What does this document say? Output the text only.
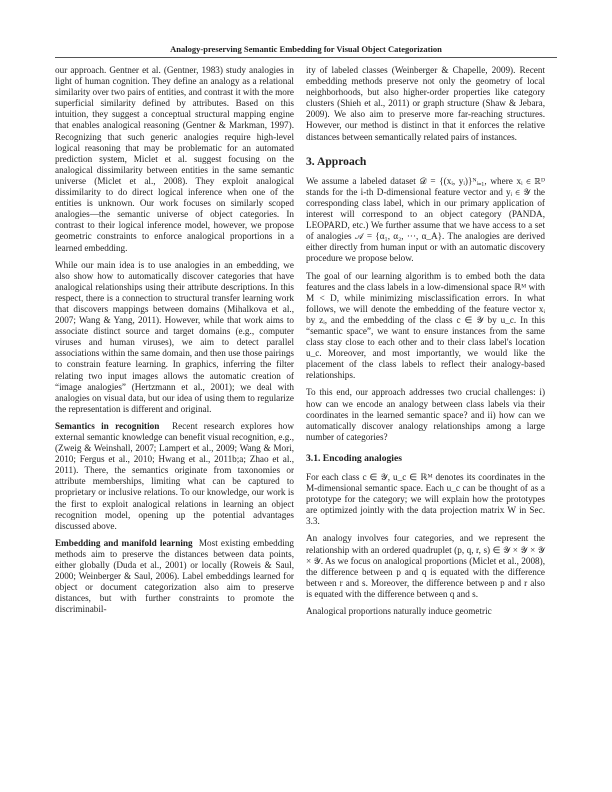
Analogy-preserving Semantic Embedding for Visual Object Categorization

our approach. Gentner et al. (Gentner, 1983) study analogies in light of human cognition. They define an analogy as a relational similarity over two pairs of entities, and contrast it with the more superficial similarity defined by attributes. Based on this intuition, they suggest a conceptual structural mapping engine that enables analogical reasoning (Gentner & Markman, 1997). Recognizing that such generic analogies require high-level logical reasoning that may be problematic for an automated prediction system, Miclet et al. suggest focusing on the analogical dissimilarity between entities in the same semantic universe (Miclet et al., 2008). They exploit analogical dissimilarity to do direct logical inference when one of the entities is unknown. Our work focuses on similarly scoped analogies—the semantic universe of object categories. In contrast to their logical inference model, however, we propose geometric constraints to enforce analogical proportions in a learned embedding.

While our main idea is to use analogies in an embedding, we also show how to automatically discover categories that have analogical relationships using their attribute descriptions. In this respect, there is a connection to structural transfer learning work that discovers mappings between domains (Mihalkova et al., 2007; Wang & Yang, 2011). However, while that work aims to associate distinct source and target domains (e.g., computer viruses and human viruses), we aim to detect parallel associations within the same domain, and then use those pairings to constrain feature learning. In graphics, inferring the filter relating two input images allows the automatic creation of “image analogies” (Hertzmann et al., 2001); we deal with analogies on visual data, but our idea of using them to regularize the representation is different and original.

Semantics in recognition Recent research explores how external semantic knowledge can benefit visual recognition, e.g., (Zweig & Weinshall, 2007; Lampert et al., 2009; Wang & Mori, 2010; Fergus et al., 2010; Hwang et al., 2011b;a; Zhao et al., 2011). There, the semantics originate from taxonomies or attribute memberships, limiting what can be captured to proprietary or inclusive relations. To our knowledge, our work is the first to exploit analogical relations in learning an object recognition model, opening up the potential advantages discussed above.

Embedding and manifold learning Most existing embedding methods aim to preserve the distances between data points, either globally (Duda et al., 2001) or locally (Roweis & Saul, 2000; Weinberger & Saul, 2006). Label embeddings learned for object or document categorization also aim to preserve distances, but with further constraints to promote the discriminabil-

ity of labeled classes (Weinberger & Chapelle, 2009). Recent embedding methods preserve not only the geometry of local neighborhoods, but also higher-order properties like category clusters (Shieh et al., 2011) or graph structure (Shaw & Jebara, 2009). We also aim to preserve more far-reaching structures. However, our method is distinct in that it enforces the relative distances between semantically related pairs of instances.

3. Approach

We assume a labeled dataset 𝒟 = {(xᵢ, yᵢ)}ᴺᵢ₌₁, where xᵢ ∈ ℝᴰ stands for the i-th D-dimensional feature vector and yᵢ ∈ 𝒴 the corresponding class label, which in our primary application of interest will correspond to an object category (PANDA, LEOPARD, etc.) We further assume that we have access to a set of analogies 𝒜 = {α₁, α₂, ···, α_A}. The analogies are derived either directly from human input or with an automatic discovery procedure we propose below.

The goal of our learning algorithm is to embed both the data features and the class labels in a low-dimensional space ℝᴹ with M < D, while minimizing misclassification errors. In what follows, we will denote the embedding of the feature vector xᵢ by zᵢ, and the embedding of the class c ∈ 𝒴 by u_c. In this “semantic space”, we want to ensure instances from the same class stay close to each other and to their class label's location u_c. Moreover, and most importantly, we would like the placement of the class labels to reflect their analogy-based relationships.

To this end, our approach addresses two crucial challenges: i) how can we encode an analogy between class labels via their coordinates in the learned semantic space? and ii) how can we automatically discover analogy relationships among a large number of categories?

3.1. Encoding analogies

For each class c ∈ 𝒴, u_c ∈ ℝᴹ denotes its coordinates in the M-dimensional semantic space. Each u_c can be thought of as a prototype for the category; we will explain how the prototypes are optimized jointly with the data projection matrix W in Sec. 3.3.

An analogy involves four categories, and we represent the relationship with an ordered quadruplet (p, q, r, s) ∈ 𝒴 × 𝒴 × 𝒴 × 𝒴. As we focus on analogical proportions (Miclet et al., 2008), the difference between p and q is equated with the difference between r and s. Moreover, the difference between p and r also is equated with the difference between q and s.

Analogical proportions naturally induce geometric
